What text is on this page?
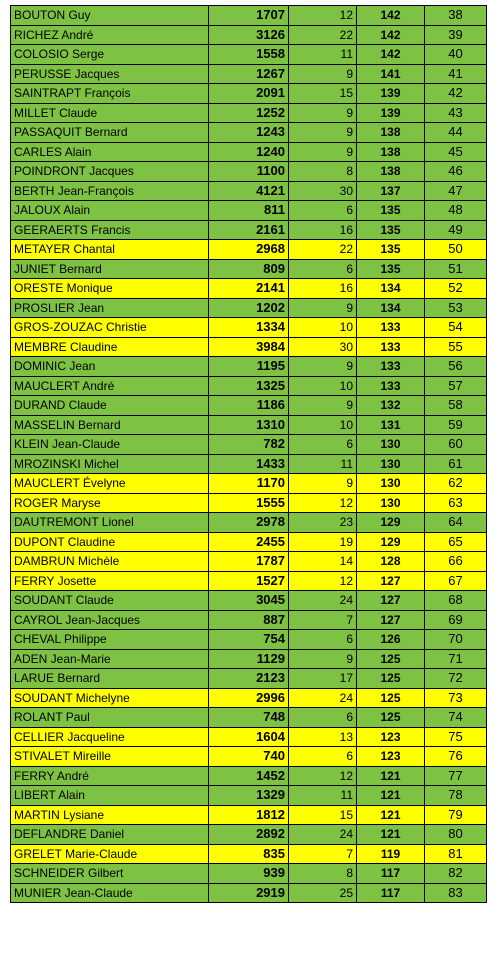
BOUTON Guy	1707	12	142	38
RICHEZ André	3126	22	142	39
COLOSIO Serge	1558	11	142	40
PERUSSE Jacques	1267	9	141	41
SAINTRAPT François	2091	15	139	42
MILLET Claude	1252	9	139	43
PASSAQUIT Bernard	1243	9	138	44
CARLES Alain	1240	9	138	45
POINDRONT Jacques	1100	8	138	46
BERTH Jean-François	4121	30	137	47
JALOUX Alain	811	6	135	48
GEERAERTS Francis	2161	16	135	49
METAYER Chantal	2968	22	135	50
JUNIET Bernard	809	6	135	51
ORESTE Monique	2141	16	134	52
PROSLIER Jean	1202	9	134	53
GROS-ZOUZAC Christie	1334	10	133	54
MEMBRE Claudine	3984	30	133	55
DOMINIC Jean	1195	9	133	56
MAUCLERT André	1325	10	133	57
DURAND Claude	1186	9	132	58
MASSELIN Bernard	1310	10	131	59
KLEIN Jean-Claude	782	6	130	60
MROZINSKI Michel	1433	11	130	61
MAUCLERT Évelyne	1170	9	130	62
ROGER Maryse	1555	12	130	63
DAUTREMONT Lionel	2978	23	129	64
DUPONT Claudine	2455	19	129	65
DAMBRUN Michèle	1787	14	128	66
FERRY Josette	1527	12	127	67
SOUDANT Claude	3045	24	127	68
CAYROL Jean-Jacques	887	7	127	69
CHEVAL Philippe	754	6	126	70
ADEN Jean-Marie	1129	9	125	71
LARUE Bernard	2123	17	125	72
SOUDANT Michelyne	2996	24	125	73
ROLANT Paul	748	6	125	74
CELLIER Jacqueline	1604	13	123	75
STIVALET Mireille	740	6	123	76
FERRY André	1452	12	121	77
LIBERT Alain	1329	11	121	78
MARTIN Lysiane	1812	15	121	79
DEFLANDRE Daniel	2892	24	121	80
GRELET Marie-Claude	835	7	119	81
SCHNEIDER Gilbert	939	8	117	82
MUNIER Jean-Claude	2919	25	117	83
